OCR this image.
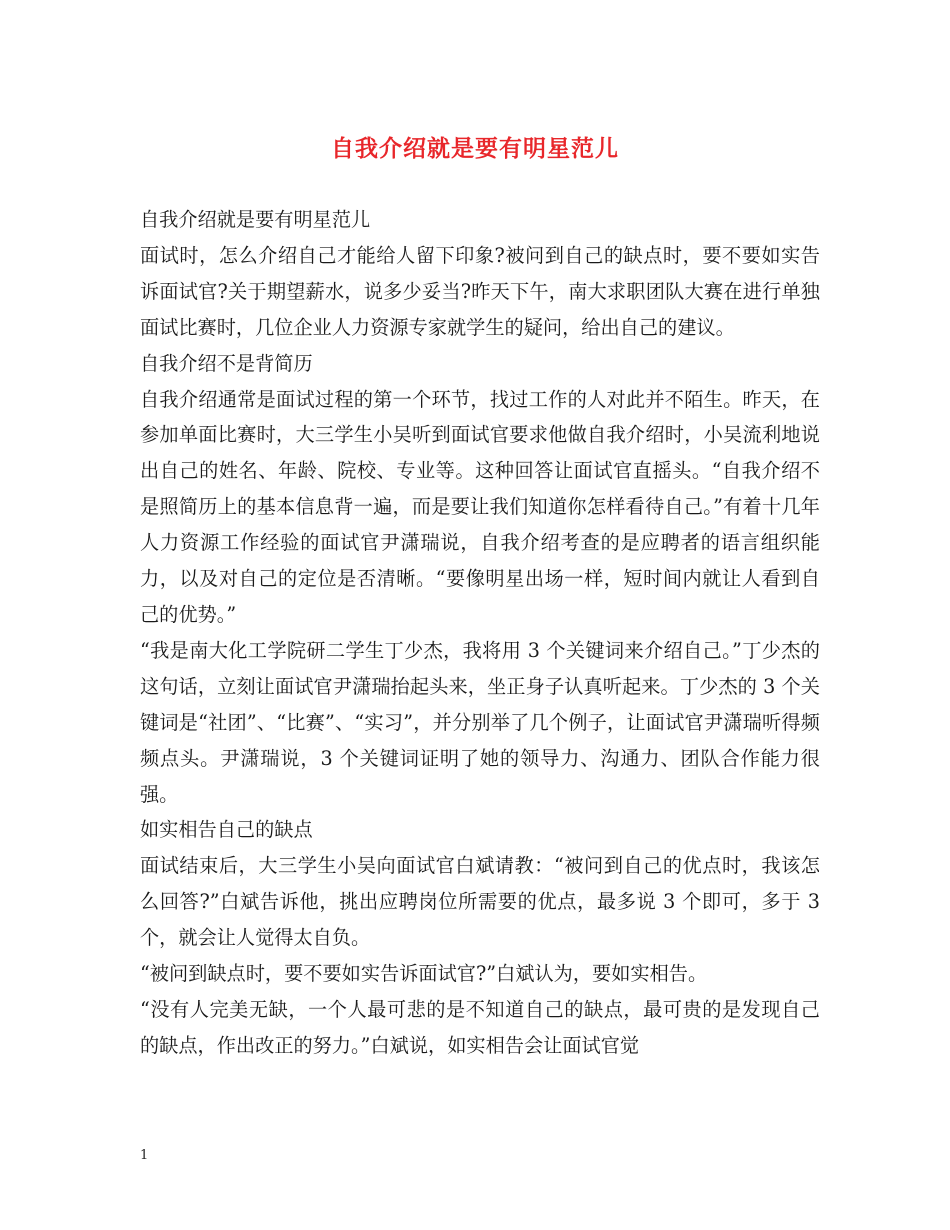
自我介绍就是要有明星范儿

自我介绍就是要有明星范儿

面试时，怎么介绍自己才能给人留下印象?被问到自己的缺点时，要不要如实告诉面试官?关于期望薪水，说多少妥当?昨天下午，南大求职团队大赛在进行单独面试比赛时，几位企业人力资源专家就学生的疑问，给出自己的建议。

自我介绍不是背简历

自我介绍通常是面试过程的第一个环节，找过工作的人对此并不陌生。昨天，在参加单面比赛时，大三学生小吴听到面试官要求他做自我介绍时，小吴流利地说出自己的姓名、年龄、院校、专业等。这种回答让面试官直摇头。“自我介绍不是照简历上的基本信息背一遍，而是要让我们知道你怎样看待自己。”有着十几年人力资源工作经验的面试官尹潇瑞说，自我介绍考查的是应聘者的语言组织能力，以及对自己的定位是否清晰。“要像明星出场一样，短时间内就让人看到自己的优势。”

“我是南大化工学院研二学生丁少杰，我将用 3 个关键词来介绍自己。”丁少杰的这句话，立刻让面试官尹潇瑞抬起头来，坐正身子认真听起来。丁少杰的 3 个关键词是“社团”、“比赛”、“实习”，并分别举了几个例子，让面试官尹潇瑞听得频频点头。尹潇瑞说，3 个关键词证明了她的领导力、沟通力、团队合作能力很强。

如实相告自己的缺点

面试结束后，大三学生小吴向面试官白斌请教：“被问到自己的优点时，我该怎么回答?”白斌告诉他，挑出应聘岗位所需要的优点，最多说 3 个即可，多于 3 个，就会让人觉得太自负。

“被问到缺点时，要不要如实告诉面试官?”白斌认为，要如实相告。

“没有人完美无缺，一个人最可悲的是不知道自己的缺点，最可贵的是发现自己的缺点，作出改正的努力。”白斌说，如实相告会让面试官觉

1
